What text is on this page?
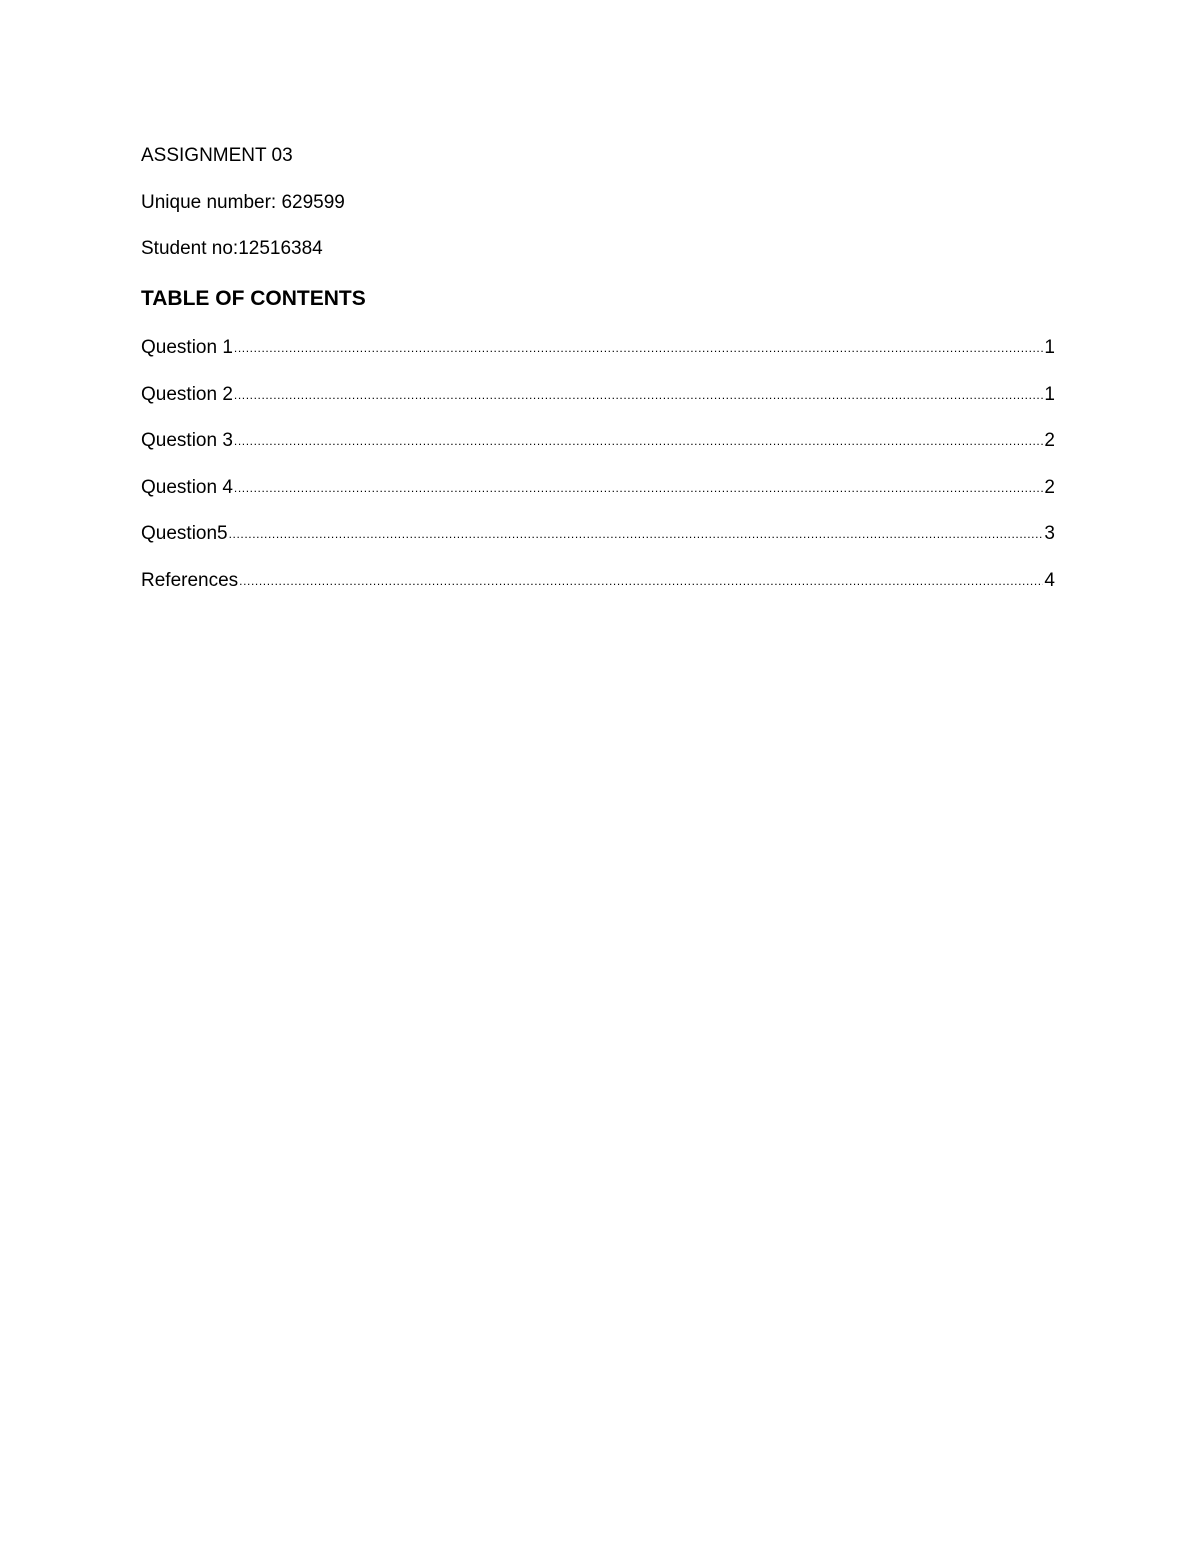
ASSIGNMENT 03
Unique number: 629599
Student no:12516384
TABLE OF CONTENTS
Question 1 .....	1
Question 2 .....	1
Question 3 .....	2
Question 4 .....	2
Question5 .....	3
References .....	4
